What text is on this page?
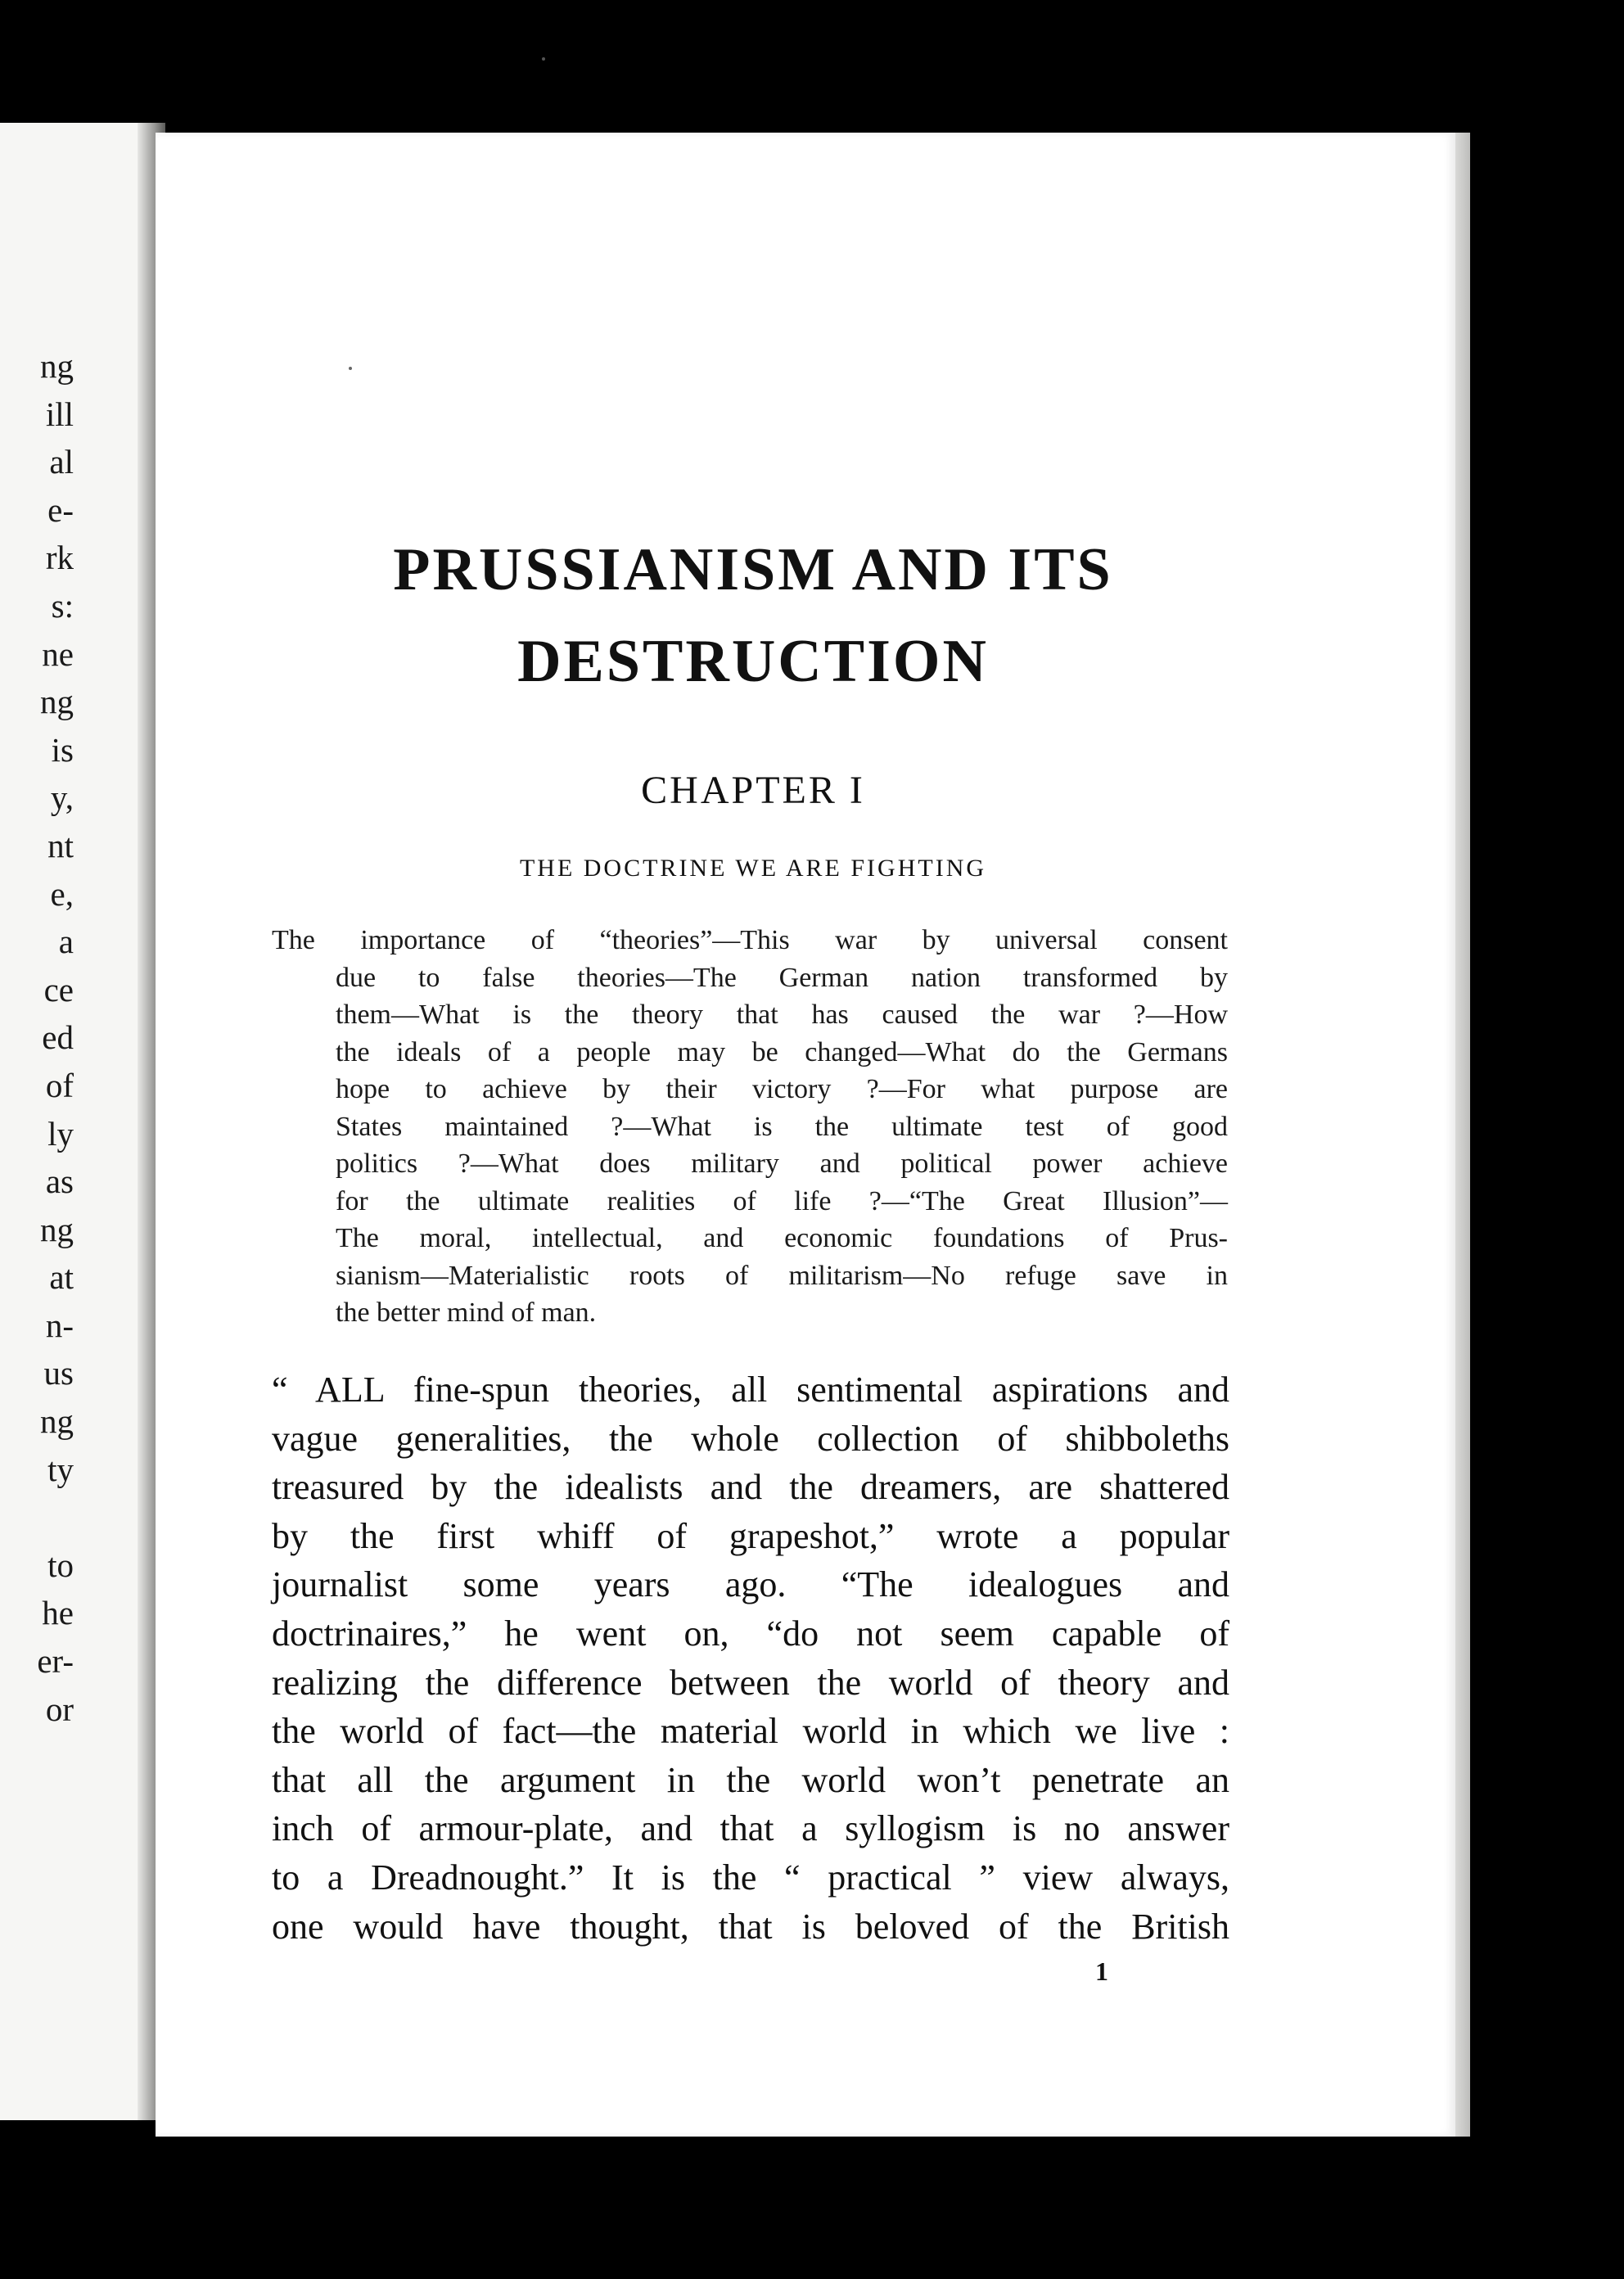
ng
ill
al
e-
rk
s:
ne
ng
is
y,
nt
e,
a
ce
ed
of
ly
as
ng
at
n-
us
ng
ty
to
he
er-
or
PRUSSIANISM AND ITS
DESTRUCTION
CHAPTER I
THE DOCTRINE WE ARE FIGHTING
The importance of “theories”—This war by universal consent
due to false theories—The German nation transformed by
them—What is the theory that has caused the war ?—How
the ideals of a people may be changed—What do the Germans
hope to achieve by their victory ?—For what purpose are
States maintained ?—What is the ultimate test of good
politics ?—What does military and political power achieve
for the ultimate realities of life ?—“The Great Illusion”—
The moral, intellectual, and economic foundations of Prus-
sianism—Materialistic roots of militarism—No refuge save in
the better mind of man.
“ ALL fine-spun theories, all sentimental aspirations and
vague generalities, the whole collection of shibboleths
treasured by the idealists and the dreamers, are shattered
by the first whiff of grapeshot,” wrote a popular
journalist some years ago. “The idealogues and
doctrinaires,” he went on, “do not seem capable of
realizing the difference between the world of theory and
the world of fact—the material world in which we live :
that all the argument in the world won’t penetrate an
inch of armour-plate, and that a syllogism is no answer
to a Dreadnought.” It is the “ practical ” view always,
one would have thought, that is beloved of the British
1
